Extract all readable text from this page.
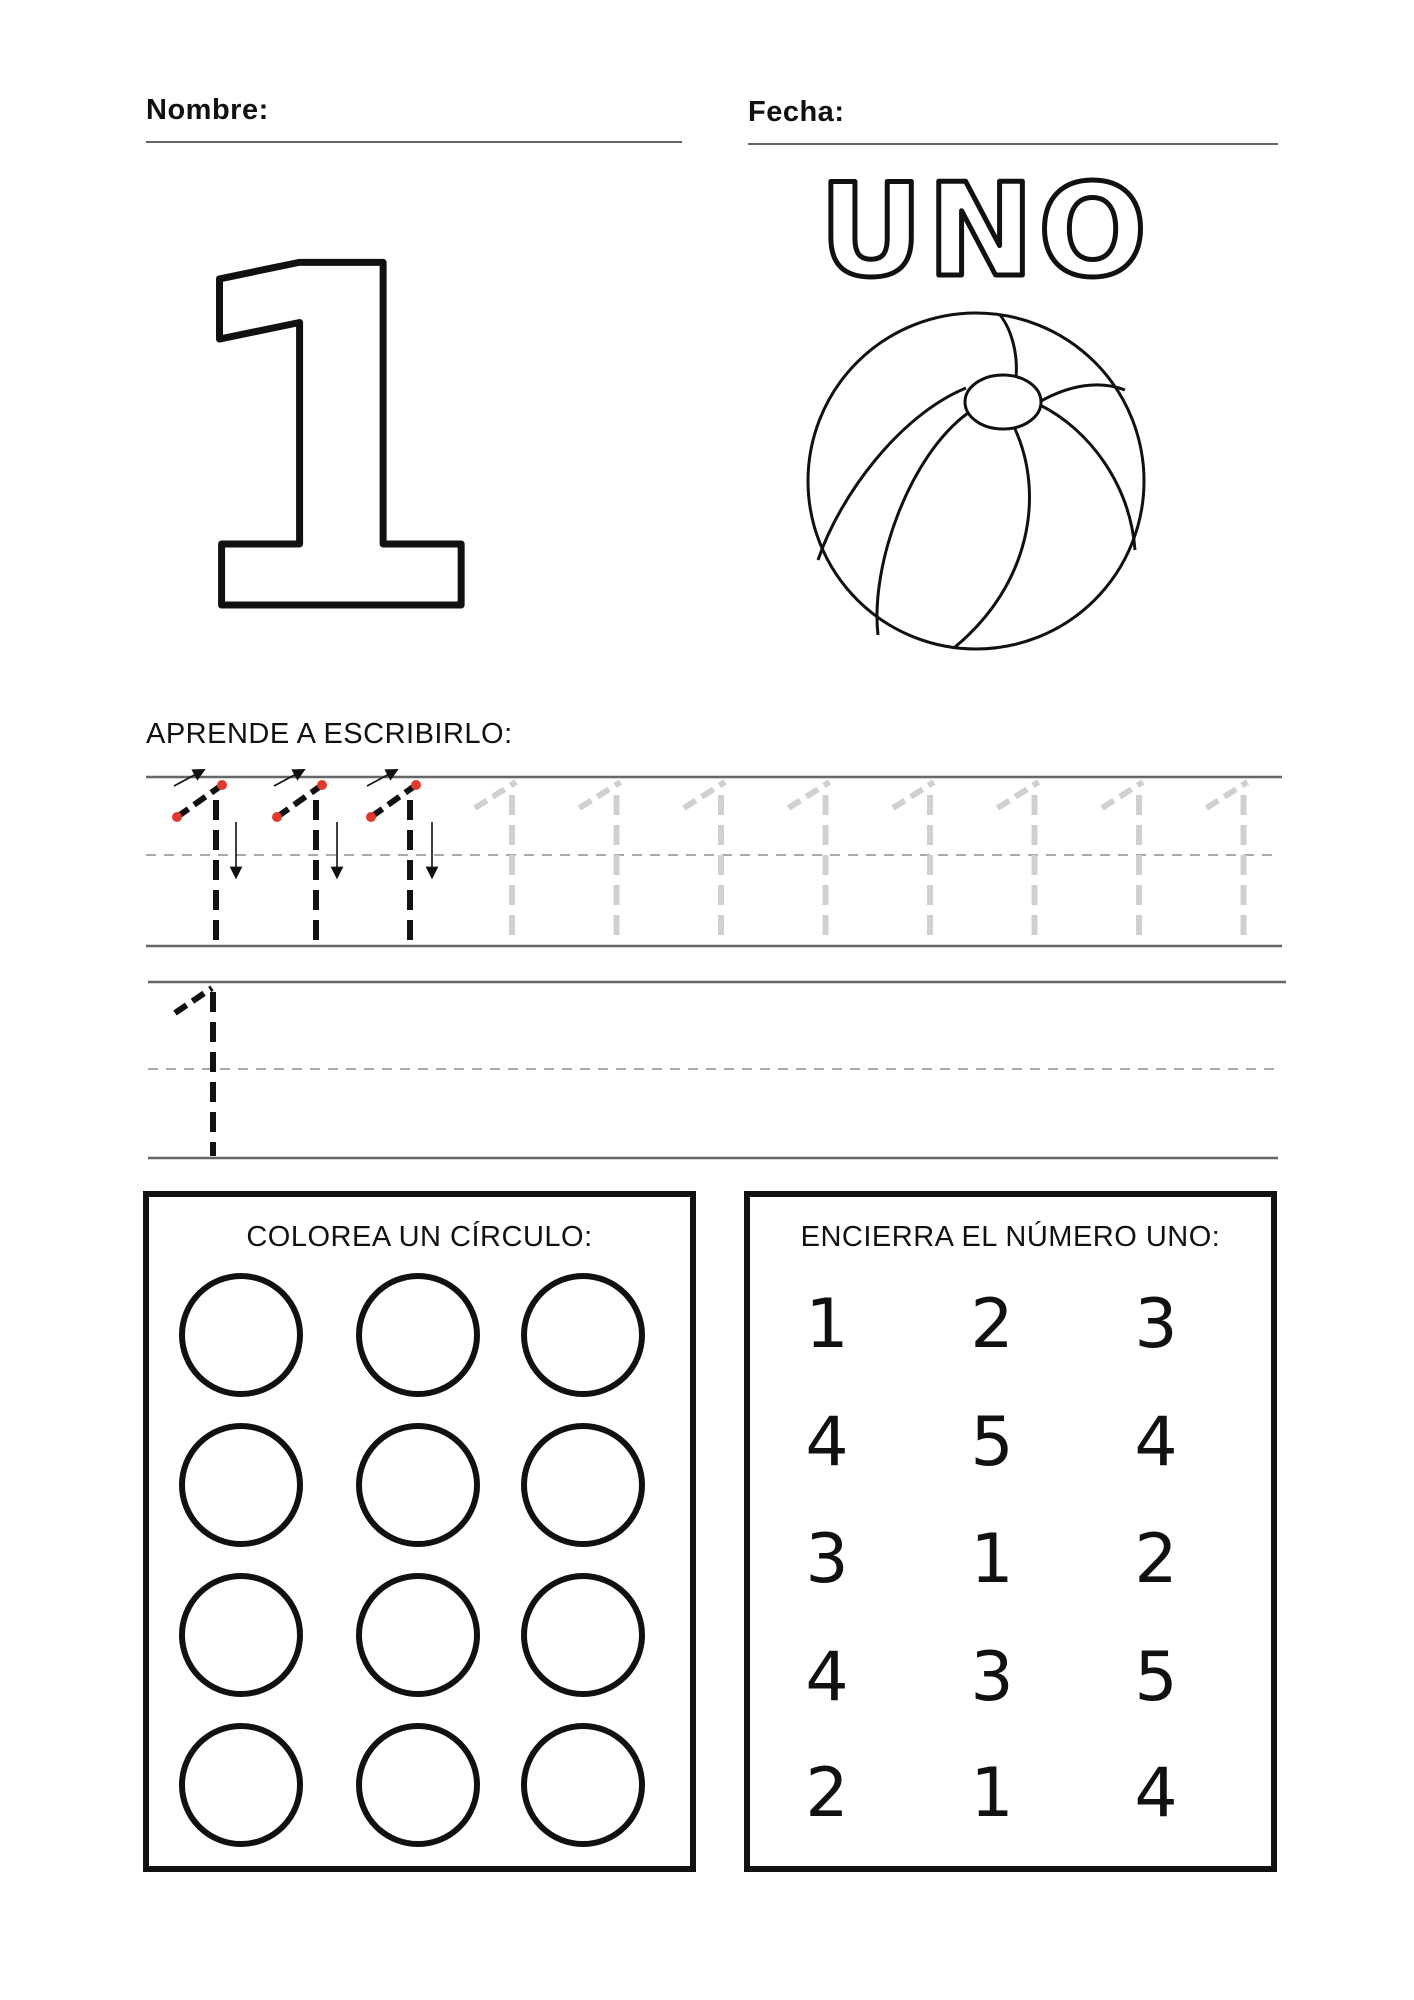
Nombre:	Fecha:
1	UNO
APRENDE A ESCRIBIRLO:
COLOREA UN CÍRCULO:	ENCIERRA EL NÚMERO UNO:
1 2 3
4 5 4
3 1 2
4 3 5
2 1 4
